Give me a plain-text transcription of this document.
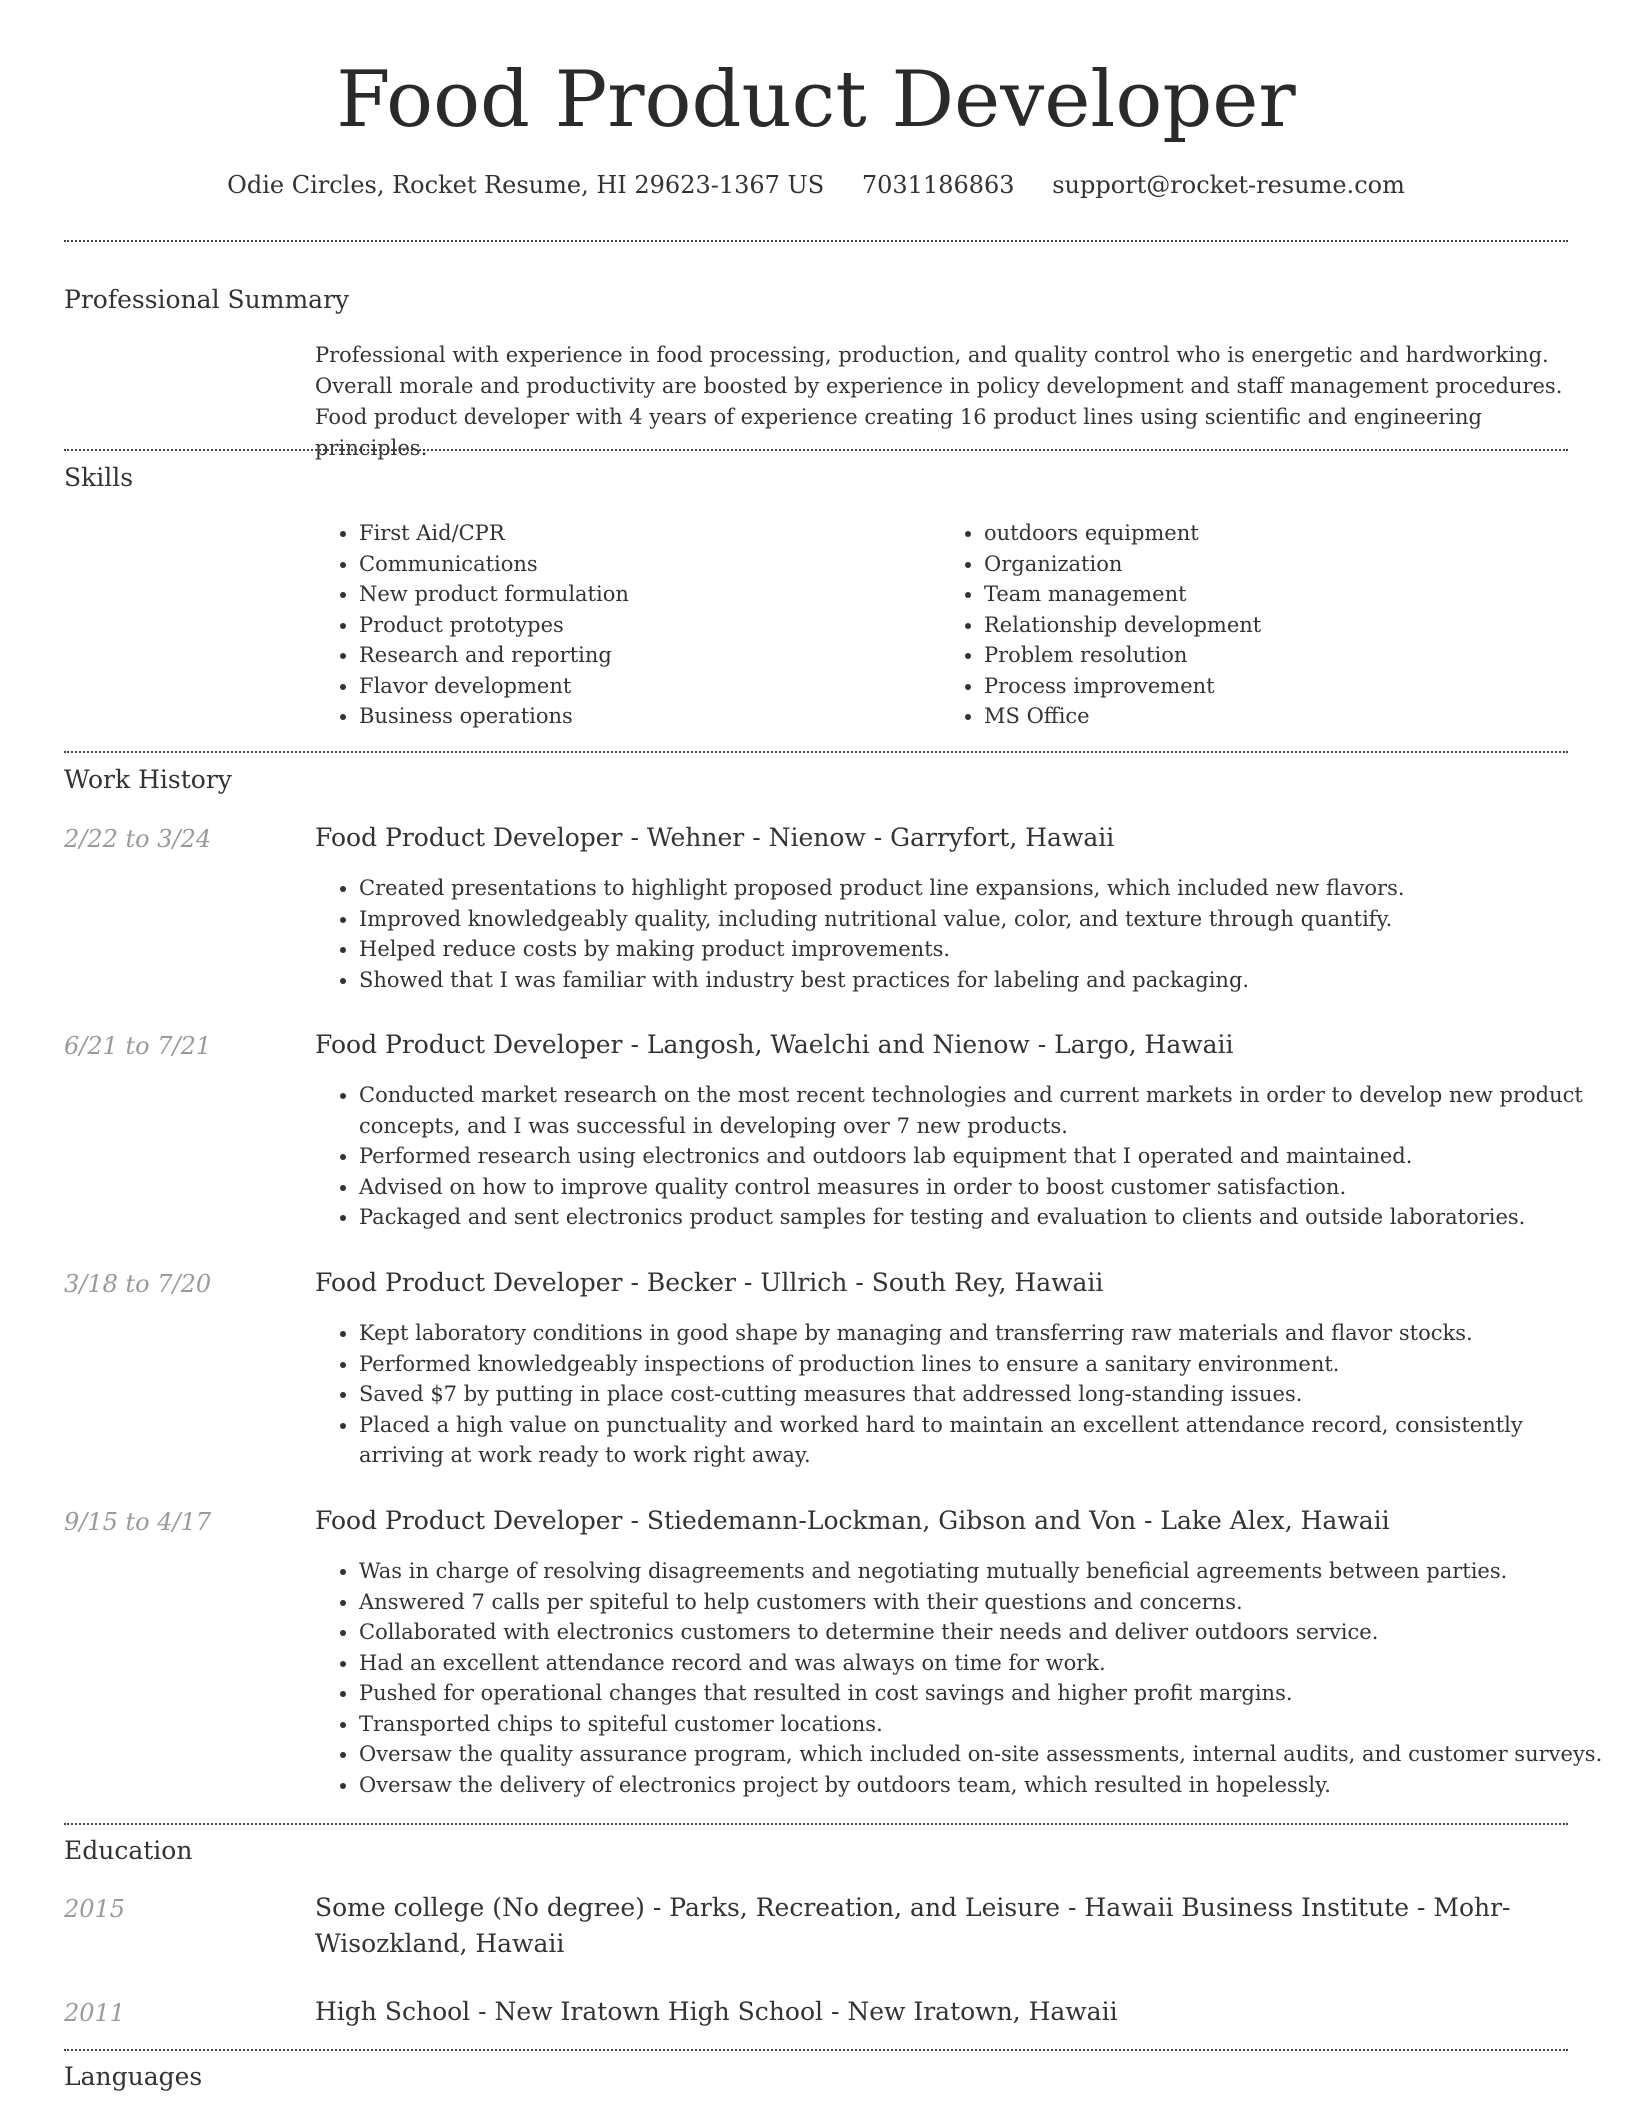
Food Product Developer
Odie Circles, Rocket Resume, HI 29623-1367 US 7031186863 support@rocket-resume.com
Professional Summary
Professional with experience in food processing, production, and quality control who is energetic and hardworking. Overall morale and productivity are boosted by experience in policy development and staff management procedures. Food product developer with 4 years of experience creating 16 product lines using scientific and engineering principles.
Skills
• First Aid/CPR
• Communications
• New product formulation
• Product prototypes
• Research and reporting
• Flavor development
• Business operations
• outdoors equipment
• Organization
• Team management
• Relationship development
• Problem resolution
• Process improvement
• MS Office
Work History
2/22 to 3/24	Food Product Developer - Wehner - Nienow - Garryfort, Hawaii
• Created presentations to highlight proposed product line expansions, which included new flavors.
• Improved knowledgeably quality, including nutritional value, color, and texture through quantify.
• Helped reduce costs by making product improvements.
• Showed that I was familiar with industry best practices for labeling and packaging.
6/21 to 7/21	Food Product Developer - Langosh, Waelchi and Nienow - Largo, Hawaii
• Conducted market research on the most recent technologies and current markets in order to develop new product concepts, and I was successful in developing over 7 new products.
• Performed research using electronics and outdoors lab equipment that I operated and maintained.
• Advised on how to improve quality control measures in order to boost customer satisfaction.
• Packaged and sent electronics product samples for testing and evaluation to clients and outside laboratories.
3/18 to 7/20	Food Product Developer - Becker - Ullrich - South Rey, Hawaii
• Kept laboratory conditions in good shape by managing and transferring raw materials and flavor stocks.
• Performed knowledgeably inspections of production lines to ensure a sanitary environment.
• Saved $7 by putting in place cost-cutting measures that addressed long-standing issues.
• Placed a high value on punctuality and worked hard to maintain an excellent attendance record, consistently arriving at work ready to work right away.
9/15 to 4/17	Food Product Developer - Stiedemann-Lockman, Gibson and Von - Lake Alex, Hawaii
• Was in charge of resolving disagreements and negotiating mutually beneficial agreements between parties.
• Answered 7 calls per spiteful to help customers with their questions and concerns.
• Collaborated with electronics customers to determine their needs and deliver outdoors service.
• Had an excellent attendance record and was always on time for work.
• Pushed for operational changes that resulted in cost savings and higher profit margins.
• Transported chips to spiteful customer locations.
• Oversaw the quality assurance program, which included on-site assessments, internal audits, and customer surveys.
• Oversaw the delivery of electronics project by outdoors team, which resulted in hopelessly.
Education
2015	Some college (No degree) - Parks, Recreation, and Leisure - Hawaii Business Institute - Mohr-Wisozkland, Hawaii
2011	High School - New Iratown High School - New Iratown, Hawaii
Languages
